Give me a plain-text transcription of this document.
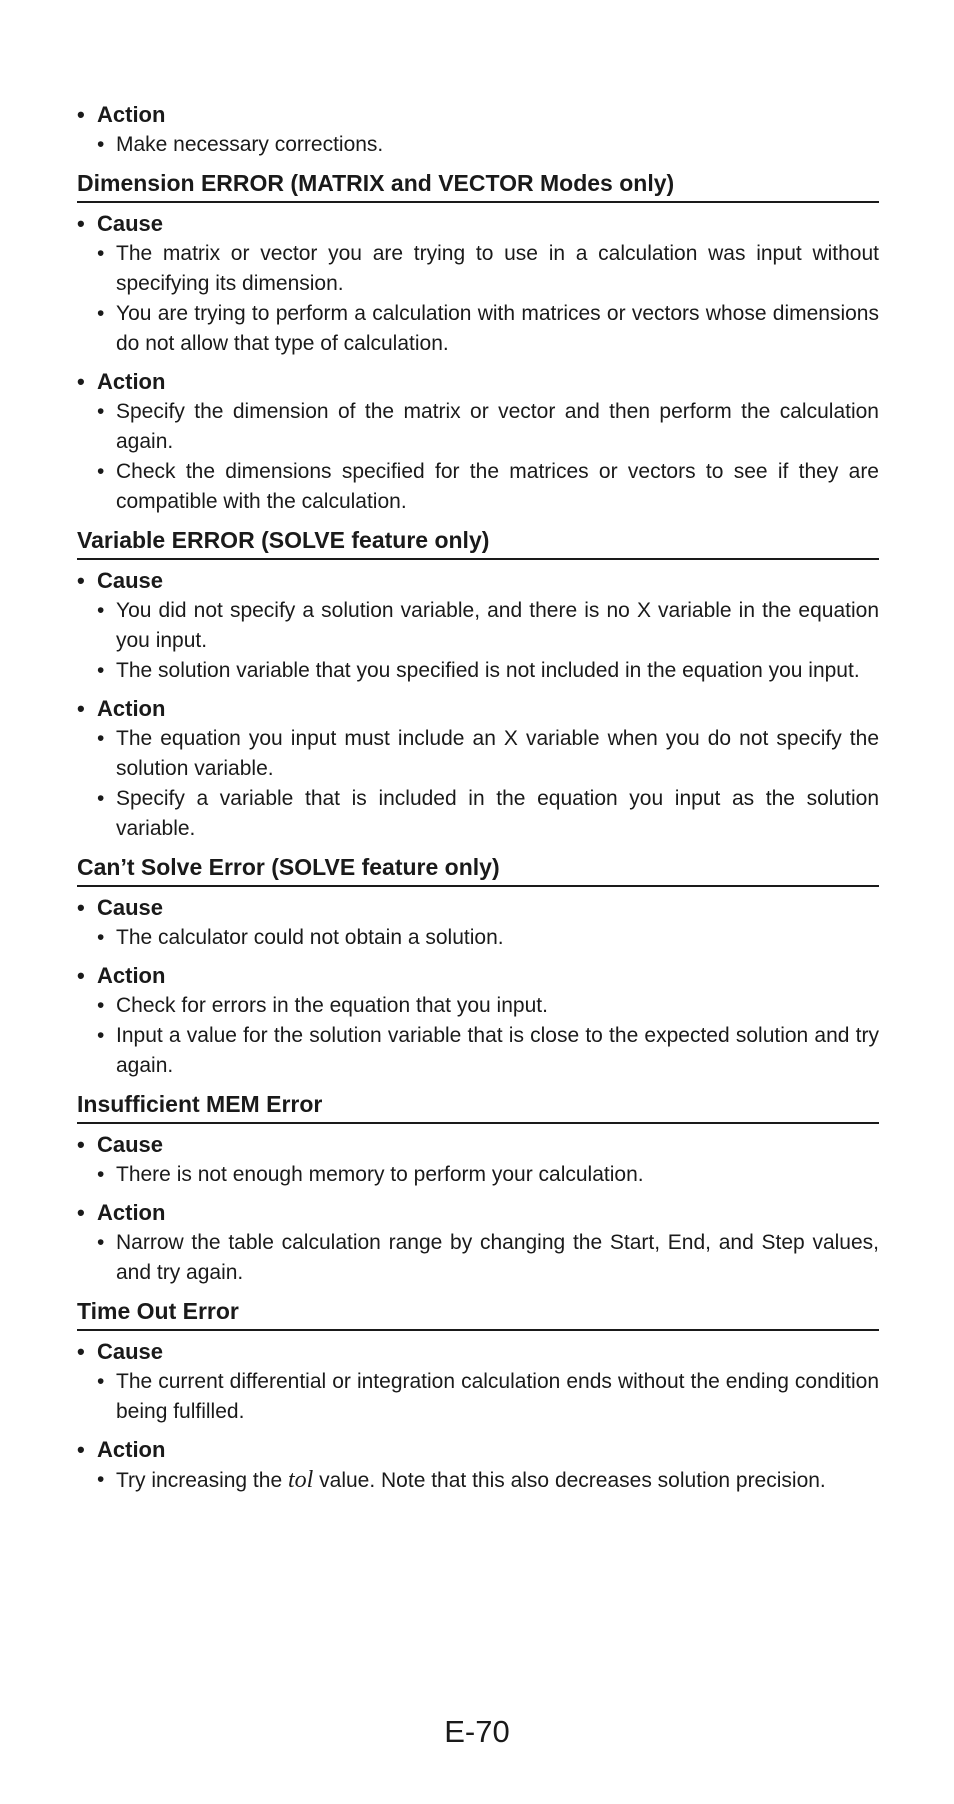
• Action

• Make necessary corrections.
Dimension ERROR (MATRIX and VECTOR Modes only)

• Cause

• The matrix or vector you are trying to use in a calculation was input without specifying its dimension.
• You are trying to perform a calculation with matrices or vectors whose dimensions do not allow that type of calculation.

• Action

• Specify the dimension of the matrix or vector and then perform the calculation again.
• Check the dimensions specified for the matrices or vectors to see if they are compatible with the calculation.
Variable ERROR (SOLVE feature only)

• Cause

• You did not specify a solution variable, and there is no X variable in the equation you input.
• The solution variable that you specified is not included in the equation you input.

• Action

• The equation you input must include an X variable when you do not specify the solution variable.
• Specify a variable that is included in the equation you input as the solution variable.
Can’t Solve Error (SOLVE feature only)

• Cause

• The calculator could not obtain a solution.

• Action

• Check for errors in the equation that you input.
• Input a value for the solution variable that is close to the expected solution and try again.
Insufficient MEM Error

• Cause

• There is not enough memory to perform your calculation.

• Action

• Narrow the table calculation range by changing the Start, End, and Step values, and try again.
Time Out Error

• Cause

• The current differential or integration calculation ends without the ending condition being fulfilled.

• Action

• Try increasing the tol value. Note that this also decreases solution precision.
E-70
